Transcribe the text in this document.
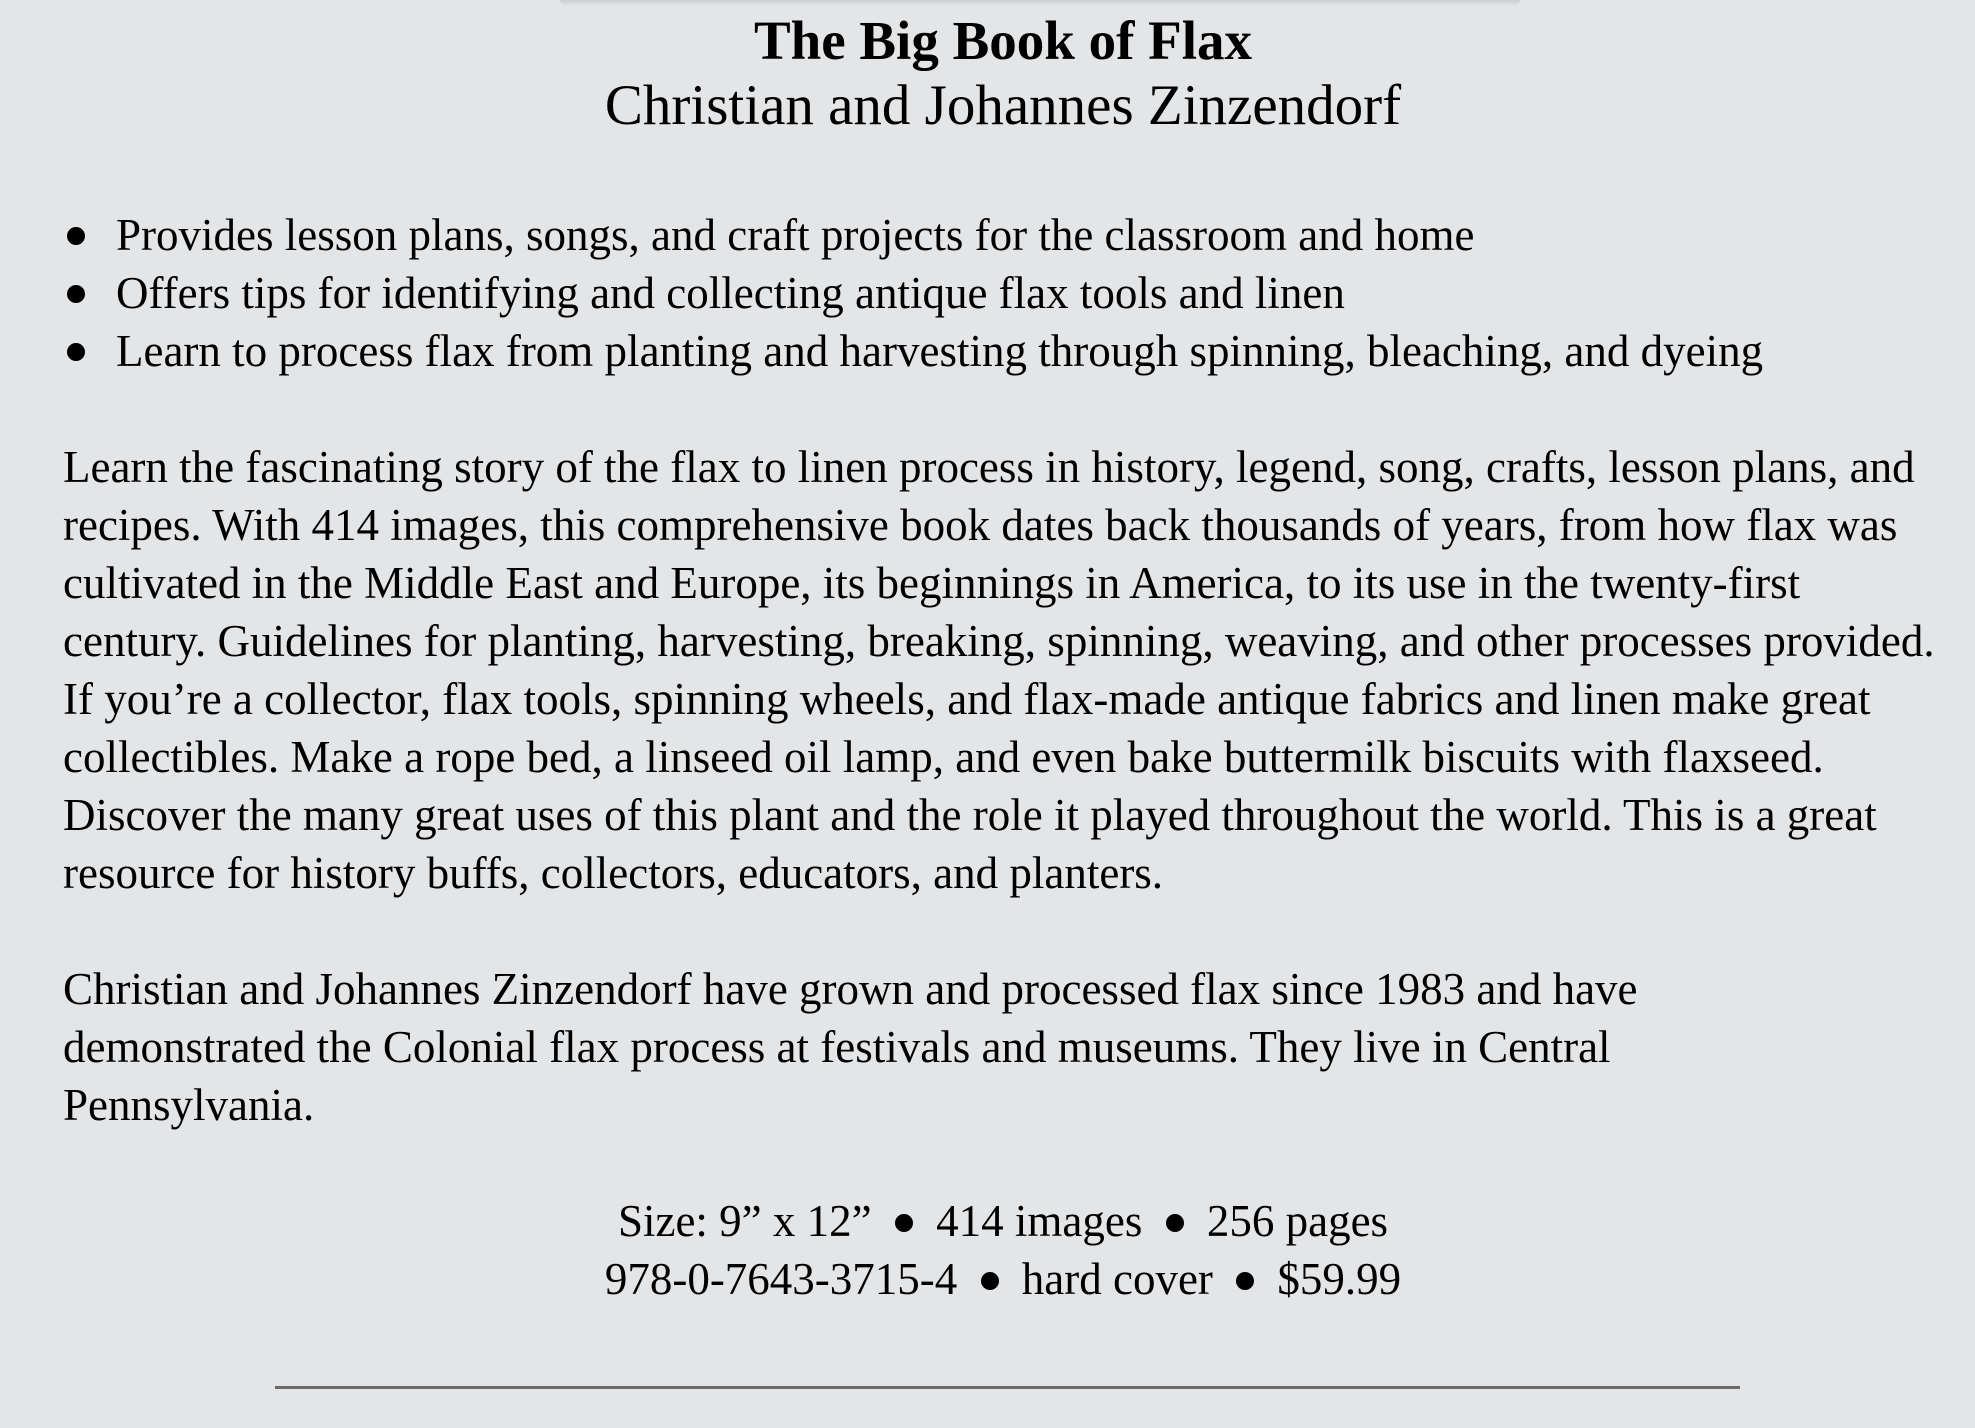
The Big Book of Flax
Christian and Johannes Zinzendorf
Provides lesson plans, songs, and craft projects for the classroom and home
Offers tips for identifying and collecting antique flax tools and linen
Learn to process flax from planting and harvesting through spinning, bleaching, and dyeing

Learn the fascinating story of the flax to linen process in history, legend, song, crafts, lesson plans, and recipes. With 414 images, this comprehensive book dates back thousands of years, from how flax was cultivated in the Middle East and Europe, its beginnings in America, to its use in the twenty-first century. Guidelines for planting, harvesting, breaking, spinning, weaving, and other processes provided. If you’re a collector, flax tools, spinning wheels, and flax-made antique fabrics and linen make great collectibles. Make a rope bed, a linseed oil lamp, and even bake buttermilk biscuits with flaxseed. Discover the many great uses of this plant and the role it played throughout the world. This is a great resource for history buffs, collectors, educators, and planters.

Christian and Johannes Zinzendorf have grown and processed flax since 1983 and have demonstrated the Colonial flax process at festivals and museums. They live in Central Pennsylvania.

Size: 9” x 12” 414 images 256 pages
978-0-7643-3715-4 hard cover $59.99
